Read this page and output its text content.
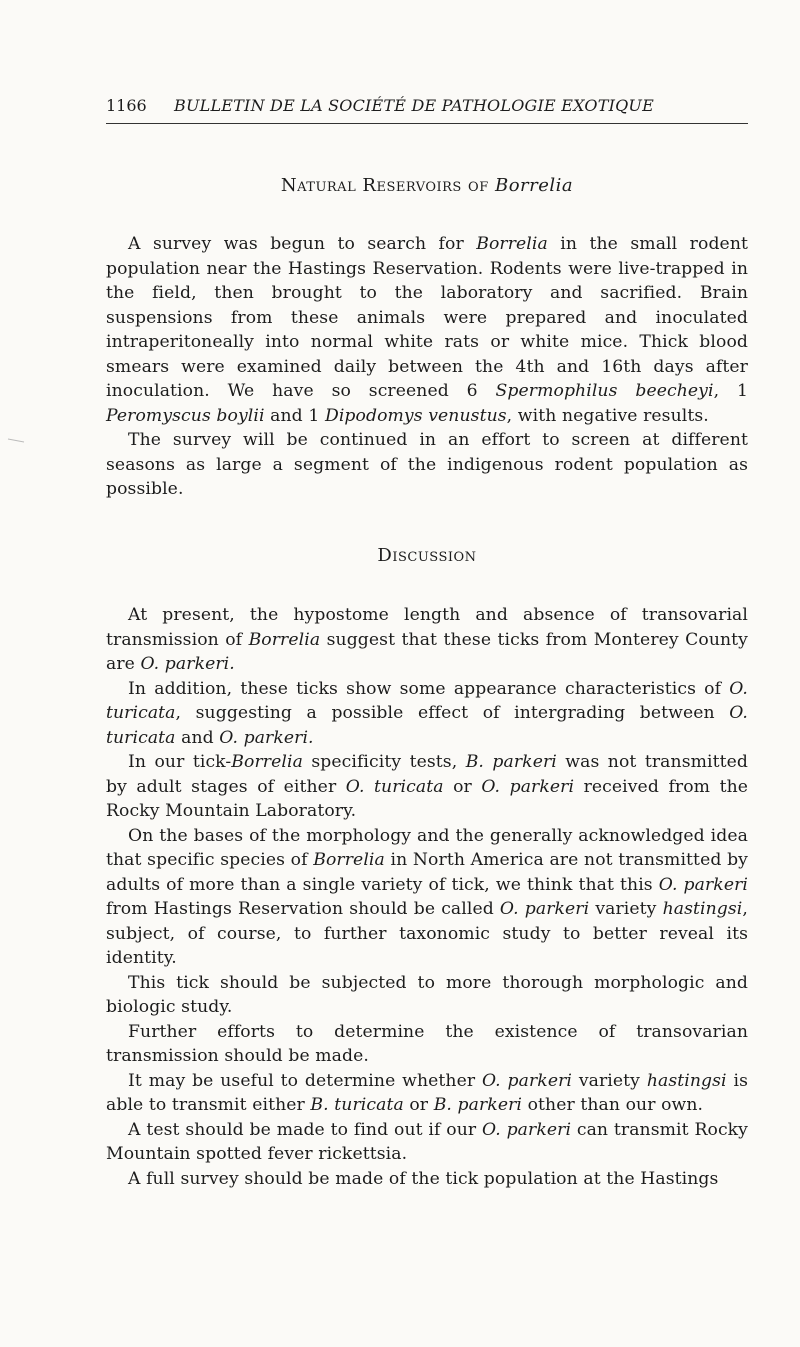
1166 BULLETIN DE LA SOCIÉTÉ DE PATHOLOGIE EXOTIQUE
Natural Reservoirs of Borrelia

A survey was begun to search for Borrelia in the small rodent population near the Hastings Reservation. Rodents were live-trapped in the field, then brought to the laboratory and sacrified. Brain suspensions from these animals were prepared and inoculated intraperitoneally into normal white rats or white mice. Thick blood smears were examined daily between the 4th and 16th days after inoculation. We have so screened 6 Spermophilus beecheyi, 1 Peromyscus boylii and 1 Dipodomys venustus, with negative results.

The survey will be continued in an effort to screen at different seasons as large a segment of the indigenous rodent population as possible.

Discussion

At present, the hypostome length and absence of transovarial transmission of Borrelia suggest that these ticks from Monterey County are O. parkeri.

In addition, these ticks show some appearance characteristics of O. turicata, suggesting a possible effect of intergrading between O. turicata and O. parkeri.

In our tick-Borrelia specificity tests, B. parkeri was not transmitted by adult stages of either O. turicata or O. parkeri received from the Rocky Mountain Laboratory.

On the bases of the morphology and the generally acknowledged idea that specific species of Borrelia in North America are not transmitted by adults of more than a single variety of tick, we think that this O. parkeri from Hastings Reservation should be called O. parkeri variety hastingsi, subject, of course, to further taxonomic study to better reveal its identity.

This tick should be subjected to more thorough morphologic and biologic study.

Further efforts to determine the existence of transovarian transmission should be made.

It may be useful to determine whether O. parkeri variety hastingsi is able to transmit either B. turicata or B. parkeri other than our own.

A test should be made to find out if our O. parkeri can transmit Rocky Mountain spotted fever rickettsia.

A full survey should be made of the tick population at the Hastings
